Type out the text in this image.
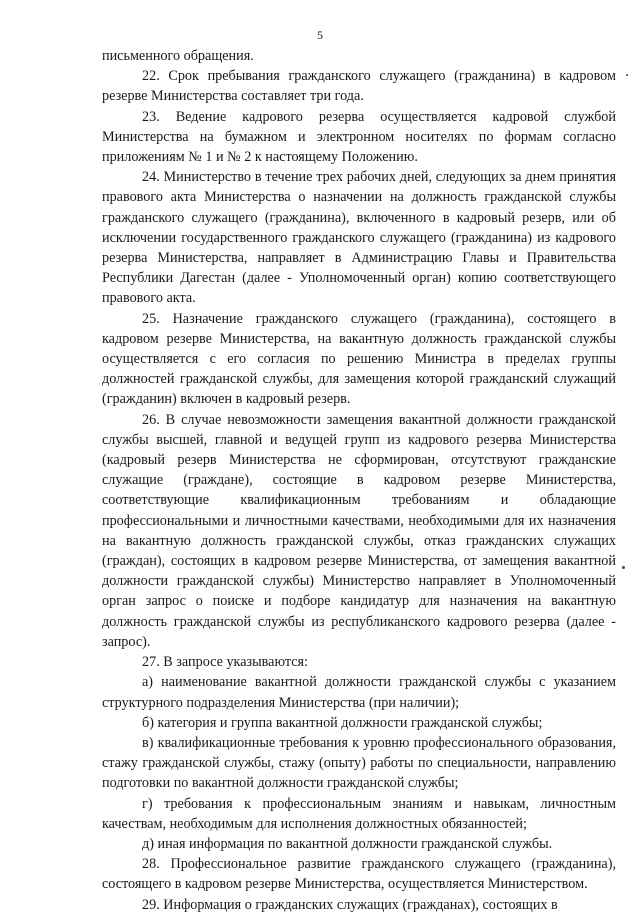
5

письменного обращения.

22. Срок пребывания гражданского служащего (гражданина) в кадровом резерве Министерства составляет три года.

23. Ведение кадрового резерва осуществляется кадровой службой Министерства на бумажном и электронном носителях по формам согласно приложениям № 1 и № 2 к настоящему Положению.

24. Министерство в течение трех рабочих дней, следующих за днем принятия правового акта Министерства о назначении на должность гражданской службы гражданского служащего (гражданина), включенного в кадровый резерв, или об исключении государственного гражданского служащего (гражданина) из кадрового резерва Министерства, направляет в Администрацию Главы и Правительства Республики Дагестан (далее - Уполномоченный орган) копию соответствующего правового акта.

25. Назначение гражданского служащего (гражданина), состоящего в кадровом резерве Министерства, на вакантную должность гражданской службы осуществляется с его согласия по решению Министра в пределах группы должностей гражданской службы, для замещения которой гражданский служащий (гражданин) включен в кадровый резерв.

26. В случае невозможности замещения вакантной должности гражданской службы высшей, главной и ведущей групп из кадрового резерва Министерства (кадровый резерв Министерства не сформирован, отсутствуют гражданские служащие (граждане), состоящие в кадровом резерве Министерства, соответствующие квалификационным требованиям и обладающие профессиональными и личностными качествами, необходимыми для их назначения на вакантную должность гражданской службы, отказ гражданских служащих (граждан), состоящих в кадровом резерве Министерства, от замещения вакантной должности гражданской службы) Министерство направляет в Уполномоченный орган запрос о поиске и подборе кандидатур для назначения на вакантную должность гражданской службы из республиканского кадрового резерва (далее - запрос).

27. В запросе указываются:

а) наименование вакантной должности гражданской службы с указанием структурного подразделения Министерства (при наличии);

б) категория и группа вакантной должности гражданской службы;

в) квалификационные требования к уровню профессионального образования, стажу гражданской службы, стажу (опыту) работы по специальности, направлению подготовки по вакантной должности гражданской службы;

г) требования к профессиональным знаниям и навыкам, личностным качествам, необходимым для исполнения должностных обязанностей;

д) иная информация по вакантной должности гражданской службы.

28. Профессиональное развитие гражданского служащего (гражданина), состоящего в кадровом резерве Министерства, осуществляется Министерством.

29. Информация о гражданских служащих (гражданах), состоящих в
